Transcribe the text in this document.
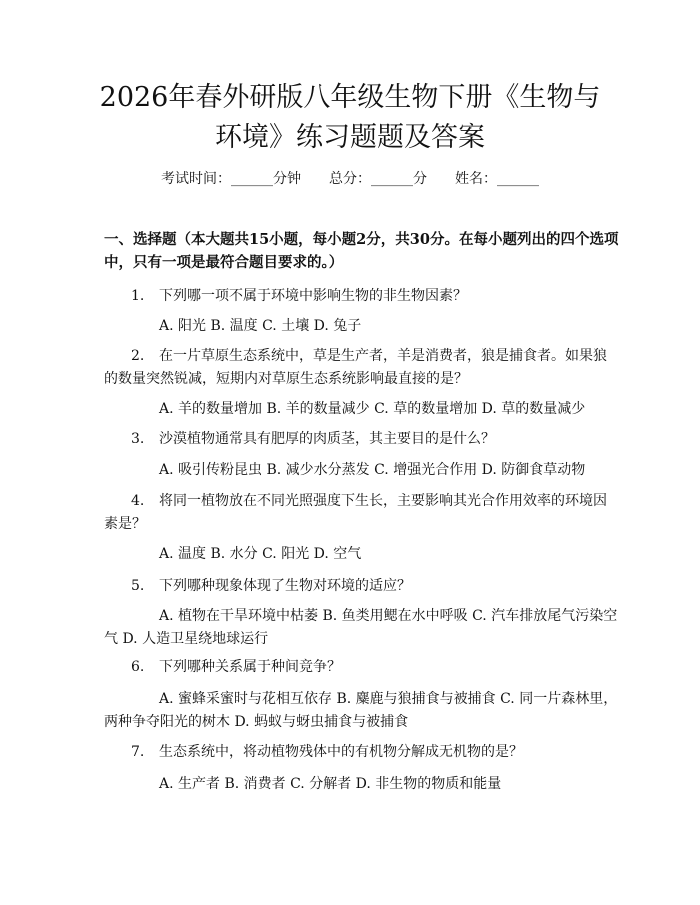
2026年春外研版八年级生物下册《生物与环境》练习题题及答案
考试时间：______分钟 总分：______分 姓名：______

一、选择题（本大题共15小题，每小题2分，共30分。在每小题列出的四个选项中，只有一项是最符合题目要求的。）

1. 下列哪一项不属于环境中影响生物的非生物因素？

A. 阳光 B. 温度 C. 土壤 D. 兔子

2. 在一片草原生态系统中，草是生产者，羊是消费者，狼是捕食者。如果狼的数量突然锐减，短期内对草原生态系统影响最直接的是？

A. 羊的数量增加 B. 羊的数量减少 C. 草的数量增加 D. 草的数量减少

3. 沙漠植物通常具有肥厚的肉质茎，其主要目的是什么？

A. 吸引传粉昆虫 B. 减少水分蒸发 C. 增强光合作用 D. 防御食草动物

4. 将同一植物放在不同光照强度下生长，主要影响其光合作用效率的环境因素是？

A. 温度 B. 水分 C. 阳光 D. 空气

5. 下列哪种现象体现了生物对环境的适应？

A. 植物在干旱环境中枯萎 B. 鱼类用鳃在水中呼吸 C. 汽车排放尾气污染空气 D. 人造卫星绕地球运行

6. 下列哪种关系属于种间竞争？

A. 蜜蜂采蜜时与花相互依存 B. 麋鹿与狼捕食与被捕食 C. 同一片森林里，两种争夺阳光的树木 D. 蚂蚁与蚜虫捕食与被捕食

7. 生态系统中，将动植物残体中的有机物分解成无机物的是？

A. 生产者 B. 消费者 C. 分解者 D. 非生物的物质和能量
